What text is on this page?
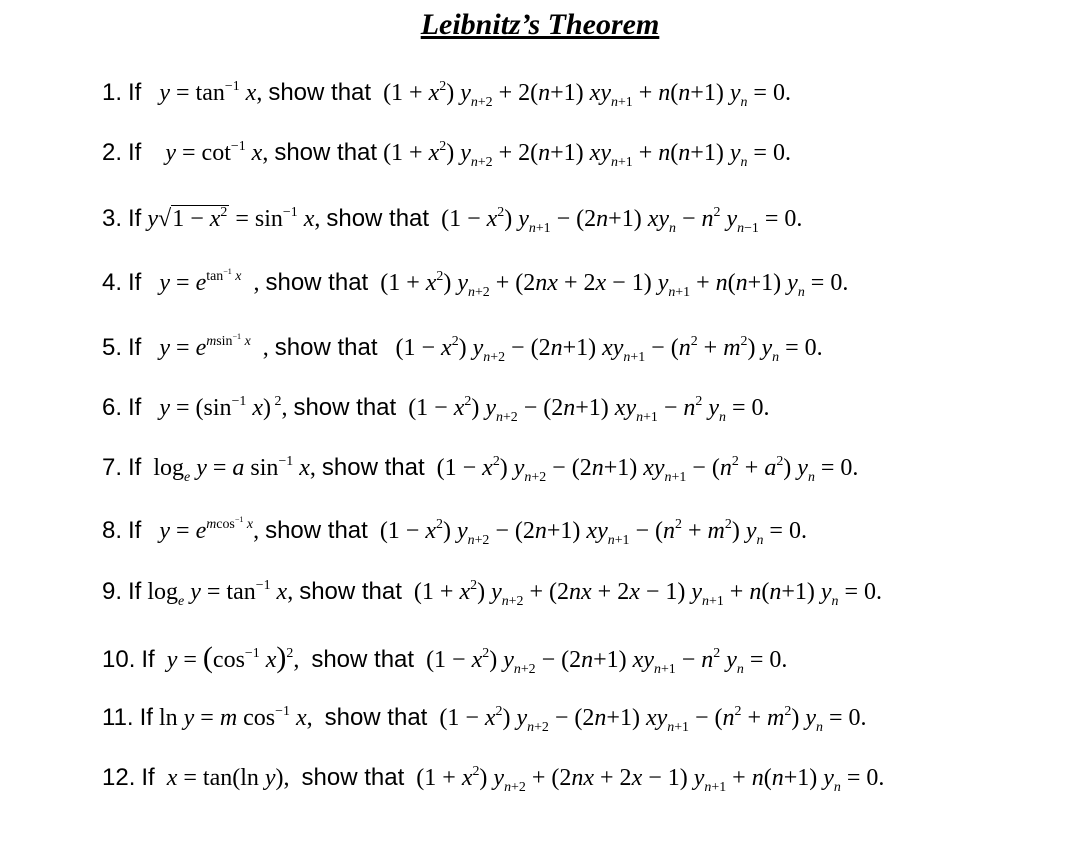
Leibnitz’s Theorem
1. If $y = \tan^{-1} x$, show that  $(1 + x^2)$ $y_{n+2} + 2(n+1) xy_{n+1} + n(n+1) y_n = 0$.
2. If $y = \cot^{-1} x$, show that $(1 + x^2)$ $y_{n+2} + 2(n+1) xy_{n+1} + n(n+1) y_n = 0$.
3. If $y√1 - x^2 = \sin^{-1} x$, show that  $(1 - x^2)$ $y_{n+1} - (2n+1) xy_n - n^2$ $y_{n-1} = 0$.
4. If $y = e^{tan^{-1} x}$  , show that  $(1 + x^2)$ $y_{n+2} + (2nx + 2x - 1) y_{n+1} + n(n+1) y_n = 0$.
5. If $y = e^{msin^{-1} x}$  , show that   $(1 - x^2)$ $y_{n+2} - (2n+1) xy_{n+1} - (n^2 + m^2) y_n = 0$.
6. If $y = (\sin^{-1}$ x) $^2$, show that  $(1 - x^2)$ $y_{n+2} - (2n+1) xy_{n+1} - n^2$ $y_n = 0$.
7. If  $\log_e y = a$ $\sin^{-1} x$, show that  $(1 - x^2)$ $y_{n+2} - (2n+1) xy_{n+1} - (n^2 + a^2) y_n = 0$.
8. If $y = e^{mcos^{-1} x}$, show that  $(1 - x^2)$ $y_{n+2} - (2n+1) xy_{n+1} - (n^2 + m^2) y_n = 0$.
9. If $\log_e y = \tan^{-1} x$, show that  $(1 + x^2)$ $y_{n+2} + (2nx + 2x - 1) y_{n+1} + n(n+1) y_n = 0$.
10. If $y = (\cos^{-1}$ x)$^2$,  show that  $(1 - x^2)$ $y_{n+2} - (2n+1) xy_{n+1} - n^2$ $y_n = 0$.
11. If ln y = m $\cos^{-1} x$,  show that  $(1 - x^2)$ $y_{n+2} - (2n+1) xy_{n+1} - (n^2 + m^2) y_n = 0$.
12. If x = tan(ln y),  show that  $(1 + x^2)$ $y_{n+2} + (2nx + 2x - 1) y_{n+1} + n(n+1) y_n = 0$.
